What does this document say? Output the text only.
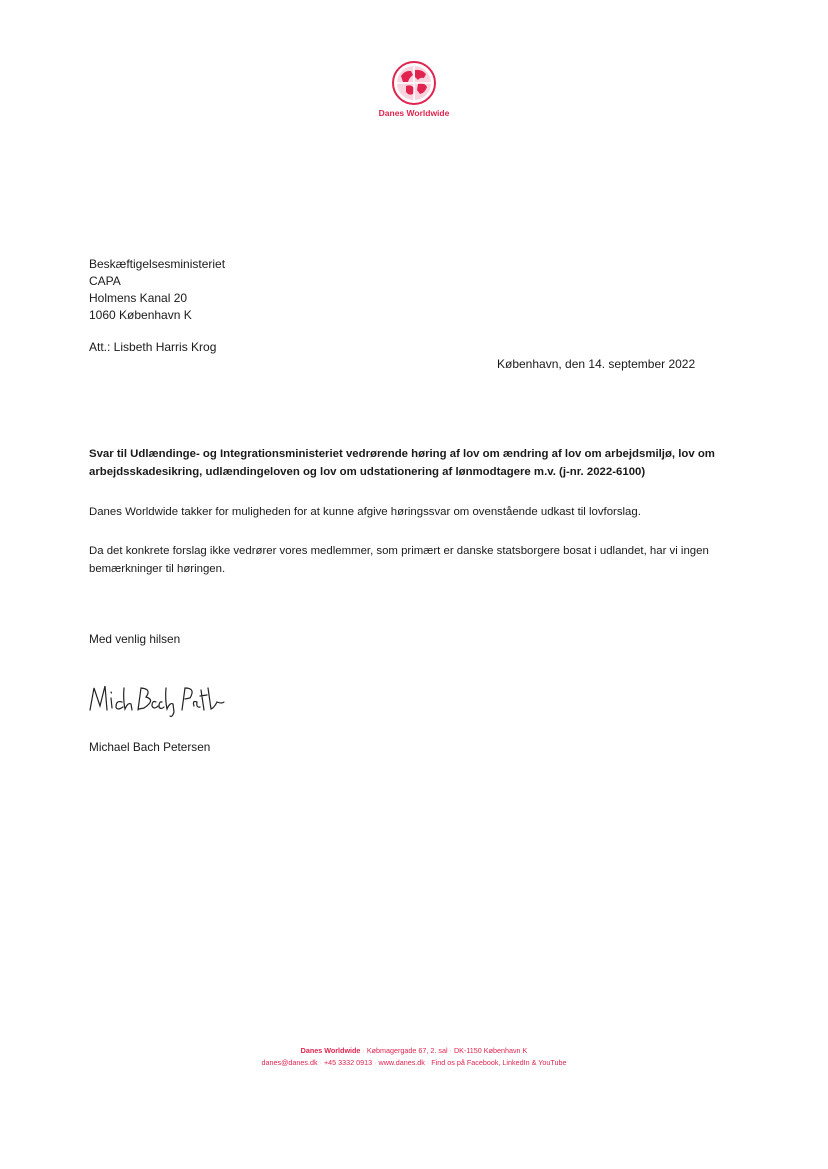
Danes Worldwide
Beskæftigelsesministeriet
CAPA
Holmens Kanal 20
1060 København K
Att.: Lisbeth Harris Krog
København, den 14. september 2022
Svar til Udlændinge- og Integrationsministeriet vedrørende høring af lov om ændring af lov om arbejdsmiljø, lov om arbejdsskadesikring, udlændingeloven og lov om udstationering af lønmodtagere m.v. (j-nr. 2022-6100)
Danes Worldwide takker for muligheden for at kunne afgive høringssvar om ovenstående udkast til lovforslag.
Da det konkrete forslag ikke vedrører vores medlemmer, som primært er danske statsborgere bosat i udlandet, har vi ingen bemærkninger til høringen.
Med venlig hilsen
Michael Bach Petersen
Danes Worldwide · Købmagergade 67, 2. sal · DK-1150 København K
danes@danes.dk · +45 3332 0913 · www.danes.dk · Find os på Facebook, LinkedIn & YouTube
